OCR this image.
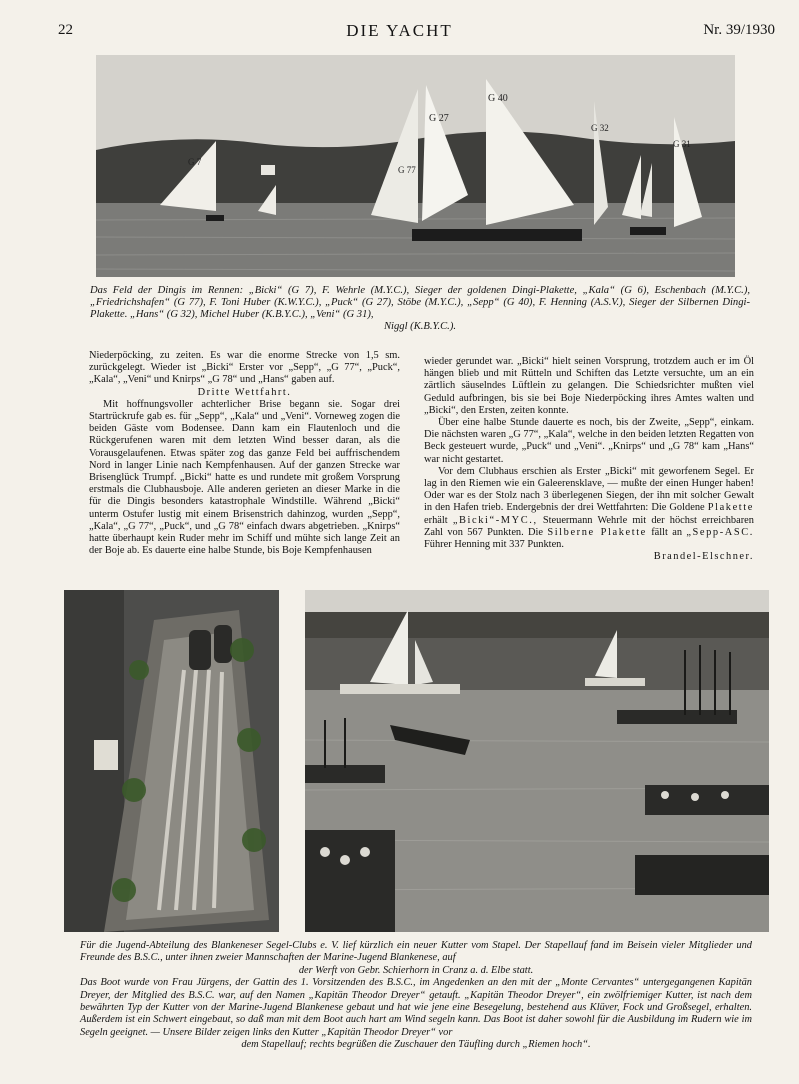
22	DIE YACHT	Nr. 39/1930
G 7
G 27
G 40
G 77
G 32
G 31
Das Feld der Dingis im Rennen: „Bicki“ (G 7), F. Wehrle (M.Y.C.), Sieger der goldenen Dingi-Plakette, „Kala“ (G 6), Eschenbach (M.Y.C.), „Friedrichshafen“ (G 77), F. Toni Huber (K.W.Y.C.), „Puck“ (G 27), Stöbe (M.Y.C.), „Sepp“ (G 40), F. Henning (A.S.V.), Sieger der Silbernen Dingi-Plakette. „Hans“ (G 32), Michel Huber (K.B.Y.C.), „Veni“ (G 31),
Niggl (K.B.Y.C.).

Niederpöcking, zu zeiten. Es war die enorme Strecke von 1,5 sm. zurückgelegt. Wieder ist „Bicki“ Erster vor „Sepp“, „G 77“, „Puck“, „Kala“, „Veni“ und Knirps“ „G 78“ und „Hans“ gaben auf.

Dritte Wettfahrt.

Mit hoffnungsvoller achterlicher Brise begann sie. Sogar drei Startrückrufe gab es. für „Sepp“, „Kala“ und „Veni“. Vorneweg zogen die beiden Gäste vom Bodensee. Dann kam ein Flautenloch und die Rückgerufenen waren mit dem letzten Wind besser daran, als die Vorausgelaufenen. Etwas später zog das ganze Feld bei auffrischendem Nord in langer Linie nach Kempfenhausen. Auf der ganzen Strecke war Brisenglück Trumpf. „Bicki“ hatte es und rundete mit großem Vorsprung erstmals die Clubhausboje. Alle anderen gerieten an dieser Marke in die für die Dingis besonders katastrophale Windstille. Während „Bicki“ unterm Ostufer lustig mit einem Brisenstrich dahinzog, wurden „Sepp“, „Kala“, „G 77“, „Puck“, und „G 78“ einfach dwars abgetrieben. „Knirps“ hatte überhaupt kein Ruder mehr im Schiff und mühte sich lange Zeit an der Boje ab. Es dauerte eine halbe Stunde, bis Boje Kempfenhausen

wieder gerundet war. „Bicki“ hielt seinen Vorsprung, trotzdem auch er im Öl hängen blieb und mit Rütteln und Schiften das Letzte versuchte, um an ein zärtlich säuselndes Lüftlein zu gelangen. Die Schiedsrichter mußten viel Geduld aufbringen, bis sie bei Boje Niederpöcking ihres Amtes walten und „Bicki“, den Ersten, zeiten konnte.

Über eine halbe Stunde dauerte es noch, bis der Zweite, „Sepp“, einkam. Die nächsten waren „G 77“, „Kala“, welche in den beiden letzten Regatten von Beck gesteuert wurde, „Puck“ und „Veni“. „Knirps“ und „G 78“ kam „Hans“ war nicht gestartet.

Vor dem Clubhaus erschien als Erster „Bicki“ mit geworfenem Segel. Er lag in den Riemen wie ein Galeerensklave, — mußte der einen Hunger haben! Oder war es der Stolz nach 3 überlegenen Siegen, der ihn mit solcher Gewalt in den Hafen trieb. Endergebnis der drei Wettfahrten: Die Goldene Plakette erhält „Bicki“-MYC., Steuermann Wehrle mit der höchst erreichbaren Zahl von 567 Punkten. Die Silberne Plakette fällt an „Sepp-ASC. Führer Henning mit 337 Punkten.
Brandel-Elschner.

Für die Jugend-Abteilung des Blankeneser Segel-Clubs e. V. lief kürzlich ein neuer Kutter vom Stapel. Der Stapellauf fand im Beisein vieler Mitglieder und Freunde des B.S.C., unter ihnen zweier Mannschaften der Marine-Jugend Blankenese, auf
der Werft von Gebr. Schierhorn in Cranz a. d. Elbe statt.
Das Boot wurde von Frau Jürgens, der Gattin des 1. Vorsitzenden des B.S.C., im Angedenken an den mit der „Monte Cervantes“ untergegangenen Kapitän Dreyer, der Mitglied des B.S.C. war, auf den Namen „Kapitän Theodor Dreyer“ getauft. „Kapitän Theodor Dreyer“, ein zwölfriemiger Kutter, ist nach dem bewährten Typ der Kutter von der Marine-Jugend Blankenese gebaut und hat wie jene eine Besegelung, bestehend aus Klüver, Fock und Großsegel, erhalten. Außerdem ist ein Schwert eingebaut, so daß man mit dem Boot auch hart am Wind segeln kann. Das Boot ist daher sowohl für die Ausbildung im Rudern wie im Segeln geeignet. — Unsere Bilder zeigen links den Kutter „Kapitän Theodor Dreyer“ vor
dem Stapellauf; rechts begrüßen die Zuschauer den Täufling durch „Riemen hoch“.
